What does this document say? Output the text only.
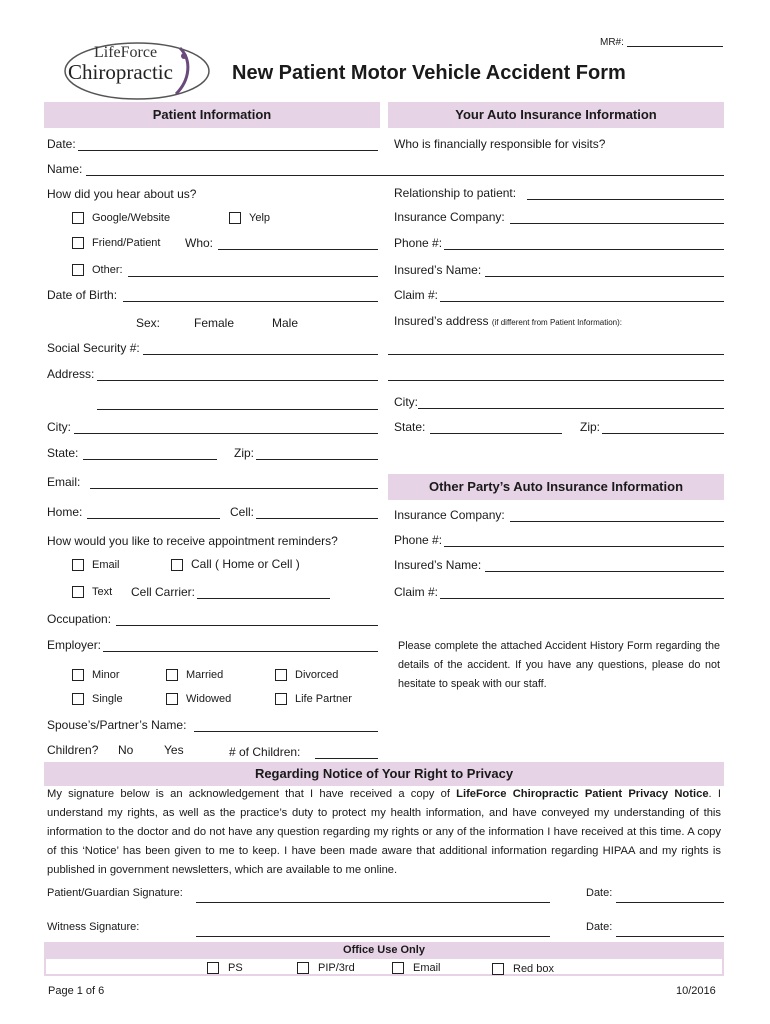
MR#:
LifeForce
Chiropractic	New Patient Motor Vehicle Accident Form
Patient Information	Your Auto Insurance Information
Date:
Name:
How did you hear about us?
Google/Website	Yelp
Friend/Patient Who:
Other:
Date of Birth:
Sex:	Female	Male
Social Security #:
Address:
City:
State:	Zip:
Email:
Home:	Cell:
How would you like to receive appointment reminders?
Email	Call ( Home or Cell )
Text Cell Carrier:
Occupation:
Employer:
Minor	Married	Divorced
Single	Widowed	Life Partner
Spouse’s/Partner’s Name:
Children? No	Yes	# of Children:
Who is financially responsible for visits?
Relationship to patient:
Insurance Company:
Phone #:
Insured’s Name:
Claim #:
Insured’s address (if different from Patient Information):
City:
State:	Zip:
Other Party’s Auto Insurance Information
Insurance Company:
Phone #:
Insured’s Name:
Claim #:
Please complete the attached Accident History Form regarding the details of the accident. If you have any questions, please do not hesitate to speak with our staff.
Regarding Notice of Your Right to Privacy
My signature below is an acknowledgement that I have received a copy of LifeForce Chiropractic Patient Privacy Notice. I understand my rights, as well as the practice’s duty to protect my health information, and have conveyed my understanding of this information to the doctor and do not have any question regarding my rights or any of the information I have received at this time. A copy of this ‘Notice’ has been given to me to keep. I have been made aware that additional information regarding HIPAA and my rights is published in government newsletters, which are available to me online.
Patient/Guardian Signature:	Date:
Witness Signature:	Date:
Office Use Only
PS	PIP/3rd	Email	Red box
Page 1 of 6	10/2016
